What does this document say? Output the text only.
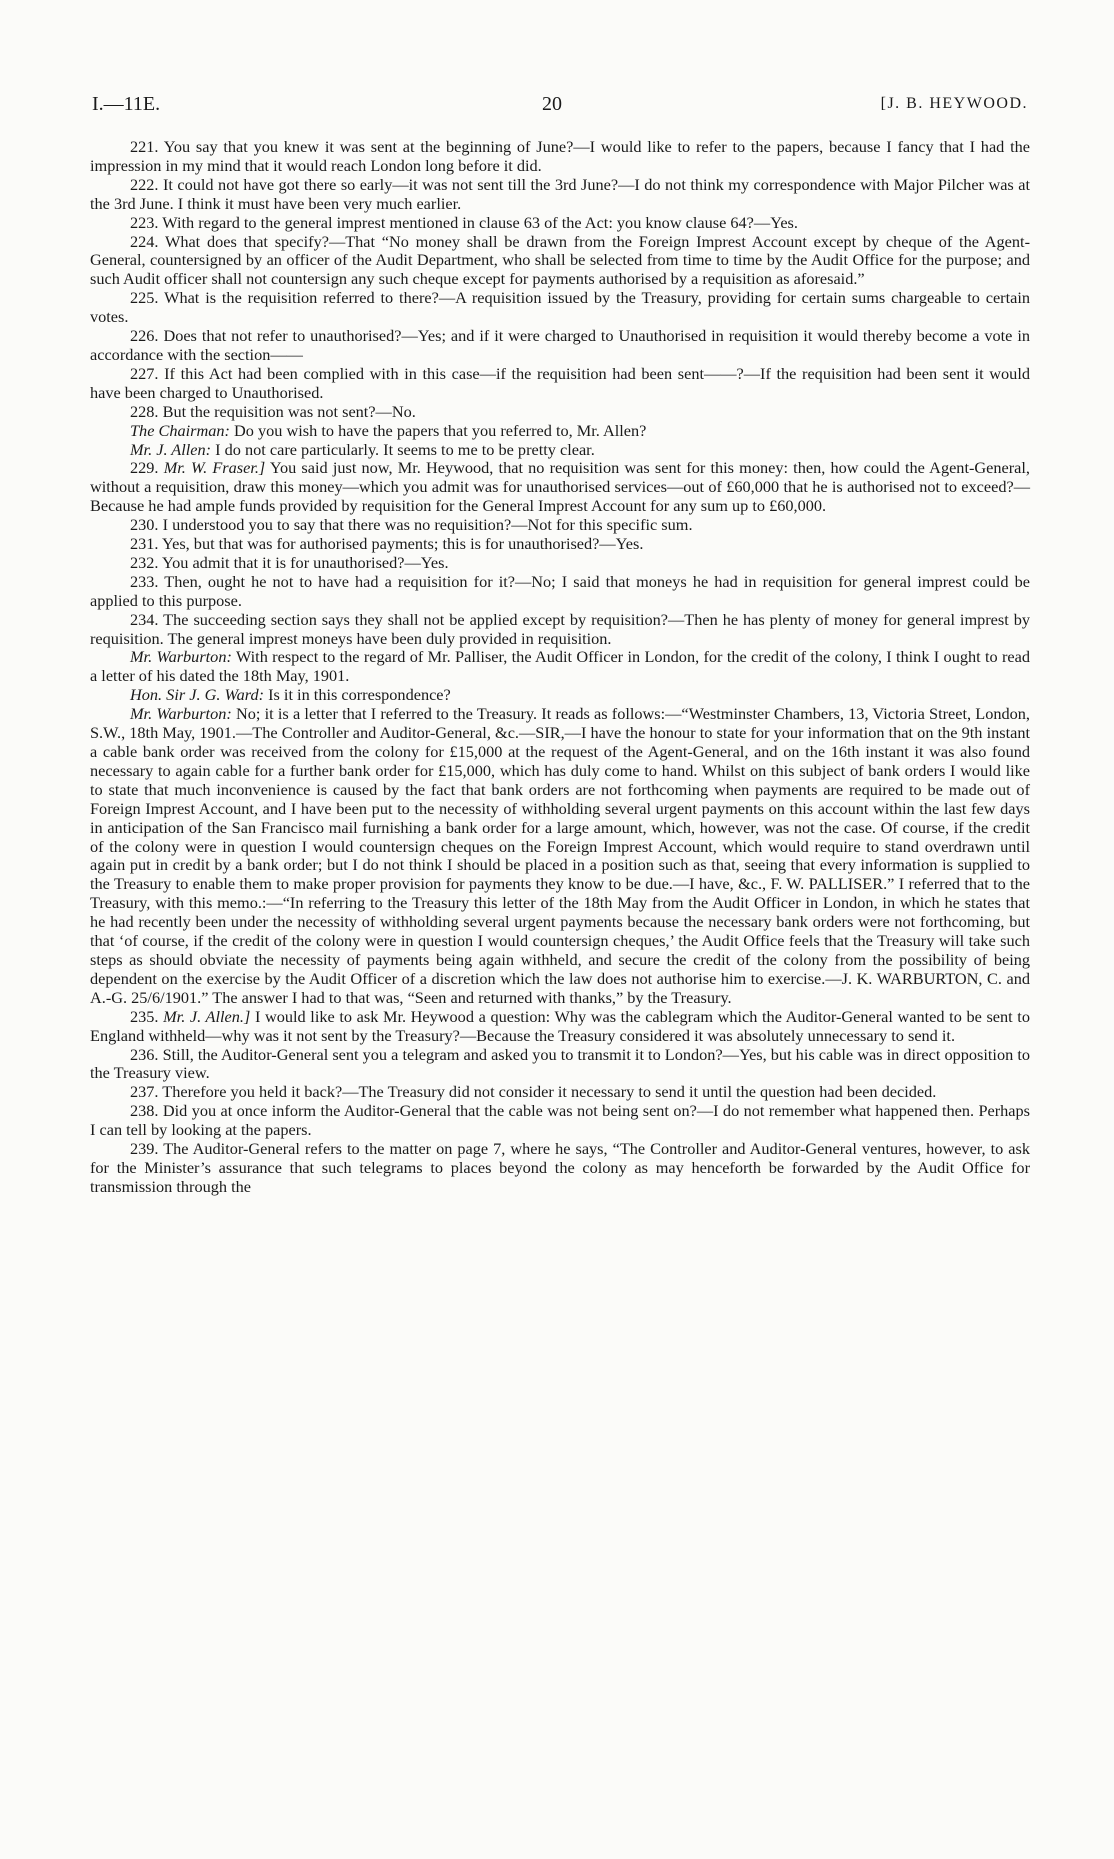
I.—11E.	20	[J. B. HEYWOOD.

221. You say that you knew it was sent at the beginning of June?—I would like to refer to the papers, because I fancy that I had the impression in my mind that it would reach London long before it did.

222. It could not have got there so early—it was not sent till the 3rd June?—I do not think my correspondence with Major Pilcher was at the 3rd June. I think it must have been very much earlier.

223. With regard to the general imprest mentioned in clause 63 of the Act: you know clause 64?—Yes.

224. What does that specify?—That “No money shall be drawn from the Foreign Imprest Account except by cheque of the Agent-General, countersigned by an officer of the Audit Department, who shall be selected from time to time by the Audit Office for the purpose; and such Audit officer shall not countersign any such cheque except for payments authorised by a requisition as aforesaid.”

225. What is the requisition referred to there?—A requisition issued by the Treasury, providing for certain sums chargeable to certain votes.

226. Does that not refer to unauthorised?—Yes; and if it were charged to Unauthorised in requisition it would thereby become a vote in accordance with the section——

227. If this Act had been complied with in this case—if the requisition had been sent——?—If the requisition had been sent it would have been charged to Unauthorised.

228. But the requisition was not sent?—No.

The Chairman: Do you wish to have the papers that you referred to, Mr. Allen?

Mr. J. Allen: I do not care particularly. It seems to me to be pretty clear.

229. Mr. W. Fraser.] You said just now, Mr. Heywood, that no requisition was sent for this money: then, how could the Agent-General, without a requisition, draw this money—which you admit was for unauthorised services—out of £60,000 that he is authorised not to exceed?—Because he had ample funds provided by requisition for the General Imprest Account for any sum up to £60,000.

230. I understood you to say that there was no requisition?—Not for this specific sum.

231. Yes, but that was for authorised payments; this is for unauthorised?—Yes.

232. You admit that it is for unauthorised?—Yes.

233. Then, ought he not to have had a requisition for it?—No; I said that moneys he had in requisition for general imprest could be applied to this purpose.

234. The succeeding section says they shall not be applied except by requisition?—Then he has plenty of money for general imprest by requisition. The general imprest moneys have been duly provided in requisition.

Mr. Warburton: With respect to the regard of Mr. Palliser, the Audit Officer in London, for the credit of the colony, I think I ought to read a letter of his dated the 18th May, 1901.

Hon. Sir J. G. Ward: Is it in this correspondence?

Mr. Warburton: No; it is a letter that I referred to the Treasury. It reads as follows:—“Westminster Chambers, 13, Victoria Street, London, S.W., 18th May, 1901.—The Controller and Auditor-General, &c.—SIR,—I have the honour to state for your information that on the 9th instant a cable bank order was received from the colony for £15,000 at the request of the Agent-General, and on the 16th instant it was also found necessary to again cable for a further bank order for £15,000, which has duly come to hand. Whilst on this subject of bank orders I would like to state that much inconvenience is caused by the fact that bank orders are not forthcoming when payments are required to be made out of Foreign Imprest Account, and I have been put to the necessity of withholding several urgent payments on this account within the last few days in anticipation of the San Francisco mail furnishing a bank order for a large amount, which, however, was not the case. Of course, if the credit of the colony were in question I would countersign cheques on the Foreign Imprest Account, which would require to stand overdrawn until again put in credit by a bank order; but I do not think I should be placed in a position such as that, seeing that every information is supplied to the Treasury to enable them to make proper provision for payments they know to be due.—I have, &c., F. W. PALLISER.” I referred that to the Treasury, with this memo.:—“In referring to the Treasury this letter of the 18th May from the Audit Officer in London, in which he states that he had recently been under the necessity of withholding several urgent payments because the necessary bank orders were not forthcoming, but that ‘of course, if the credit of the colony were in question I would countersign cheques,’ the Audit Office feels that the Treasury will take such steps as should obviate the necessity of payments being again withheld, and secure the credit of the colony from the possibility of being dependent on the exercise by the Audit Officer of a discretion which the law does not authorise him to exercise.—J. K. WARBURTON, C. and A.-G. 25/6/1901.” The answer I had to that was, “Seen and returned with thanks,” by the Treasury.

235. Mr. J. Allen.] I would like to ask Mr. Heywood a question: Why was the cablegram which the Auditor-General wanted to be sent to England withheld—why was it not sent by the Treasury?—Because the Treasury considered it was absolutely unnecessary to send it.

236. Still, the Auditor-General sent you a telegram and asked you to transmit it to London?—Yes, but his cable was in direct opposition to the Treasury view.

237. Therefore you held it back?—The Treasury did not consider it necessary to send it until the question had been decided.

238. Did you at once inform the Auditor-General that the cable was not being sent on?—I do not remember what happened then. Perhaps I can tell by looking at the papers.

239. The Auditor-General refers to the matter on page 7, where he says, “The Controller and Auditor-General ventures, however, to ask for the Minister’s assurance that such telegrams to places beyond the colony as may henceforth be forwarded by the Audit Office for transmission through the
